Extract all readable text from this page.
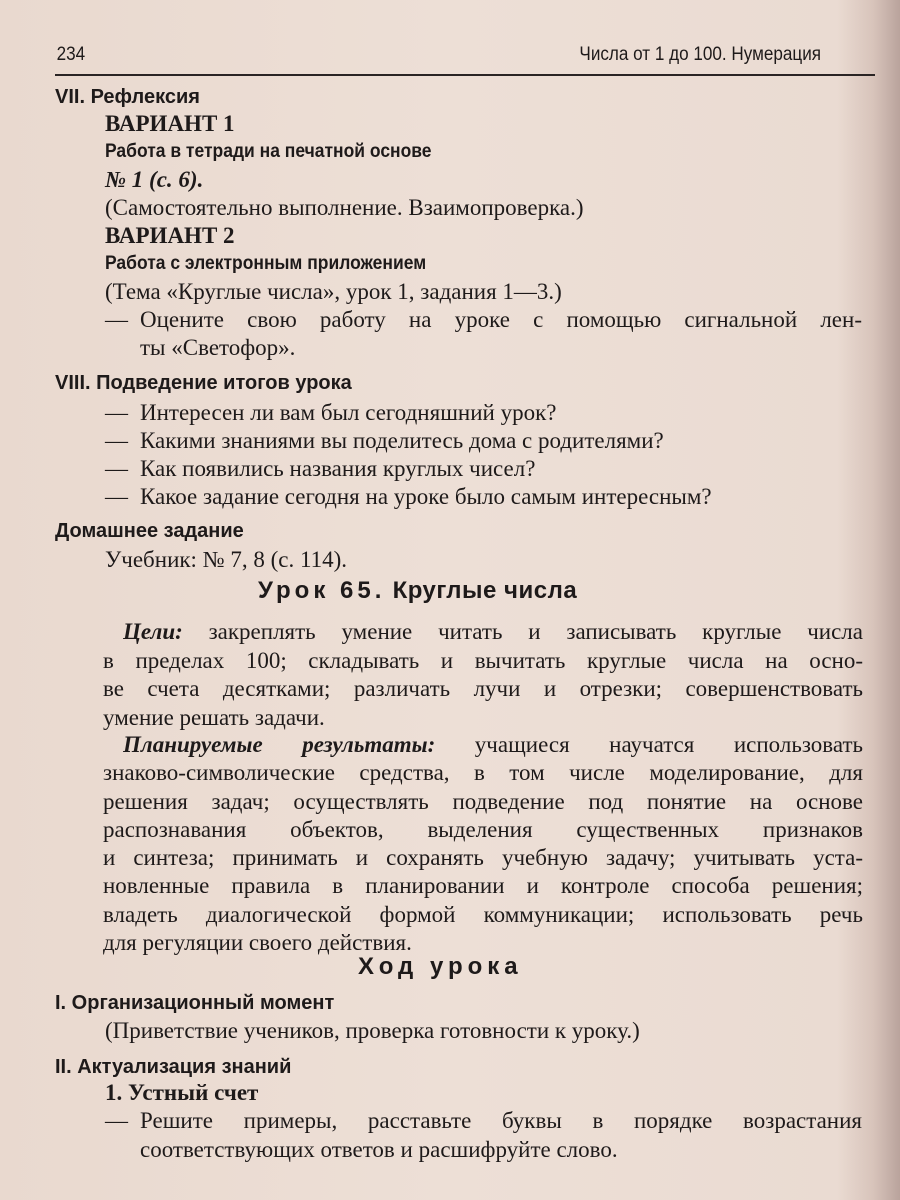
234	Числа от 1 до 100. Нумерация
VII. Рефлексия
ВАРИАНТ 1
Работа в тетради на печатной основе
№ 1 (с. 6).
(Самостоятельно выполнение. Взаимопроверка.)
ВАРИАНТ 2
Работа с электронным приложением
(Тема «Круглые числа», урок 1, задания 1—3.)
— Оцените свою работу на уроке с помощью сигнальной лен-
ты «Светофор».
VIII. Подведение итогов урока
— Интересен ли вам был сегодняшний урок?
— Какими знаниями вы поделитесь дома с родителями?
— Как появились названия круглых чисел?
— Какое задание сегодня на уроке было самым интересным?
Домашнее задание
Учебник: № 7, 8 (с. 114).
Урок 65. Круглые числа
Цели: закреплять умение читать и записывать круглые числа
в пределах 100; складывать и вычитать круглые числа на осно-
ве счета десятками; различать лучи и отрезки; совершенствовать
умение решать задачи.
Планируемые результаты: учащиеся научатся использовать
знаково-символические средства, в том числе моделирование, для
решения задач; осуществлять подведение под понятие на основе
распознавания объектов, выделения существенных признаков
и синтеза; принимать и сохранять учебную задачу; учитывать уста-
новленные правила в планировании и контроле способа решения;
владеть диалогической формой коммуникации; использовать речь
для регуляции своего действия.
Ход урока
I. Организационный момент
(Приветствие учеников, проверка готовности к уроку.)
II. Актуализация знаний
1. Устный счет
— Решите примеры, расставьте буквы в порядке возрастания
соответствующих ответов и расшифруйте слово.
